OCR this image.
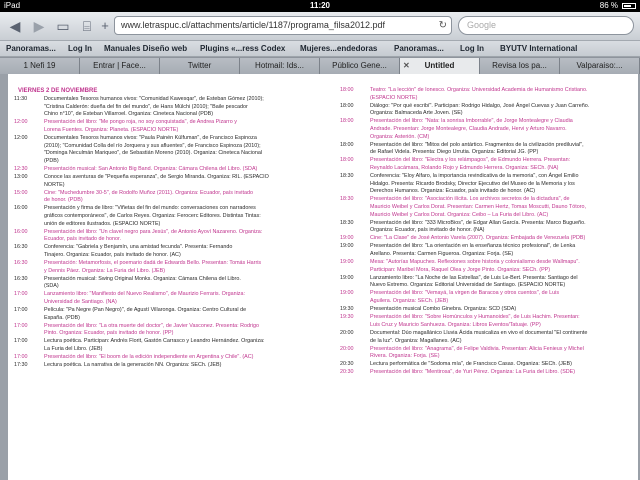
iPad	11:20	86 %
◀ ▶ ▭ ⌸ +	www.letraspuc.cl/attachments/article/1187/programa_filsa2012.pdf	↻	Google
Panoramas... Log In Manuales Diseño web Plugins «...ress Codex Mujeres...endedoras Panoramas... Log In BYUTV International
1 Nefi 19	Entrar | Face...	Twitter	Hotmail: Ids...	Público Gene...	✕ Untitled	Revisa los pa...	Valparaiso:...
VIERNES 2 DE NOVIEMBRE
11:30	Documentales Tesoros humanos vivos: "Comunidad Kawesqar", de Esteban Gómez (2010);
"Cristina Calderón: dueña del fin del mundo", de Hans Mülchi (2010); "Baile pescador
Chino n°10", de Esteban Villarroel. Organiza: Cineteca Nacional (PDB)
12:00	Presentación del libro: "Me pongo roja, no soy conquistada", de Andrea Pizarro y
Lorena Fuentes. Organiza: Planeta. (ESPACIO NORTE)
12:00	Documentales Tesoros humanos vivos: "Paula Painén Külfuman", de Francisco Espinoza
(2010); "Comunidad Colla del río Jorquera y sus afluentes", de Francisco Espinoza (2010);
"Dominga Neculmán Mariqueo", de Sebastián Moreno (2010). Organiza: Cineteca Nacional
(PDB)
12:30	Presentación musical: San Antonio Big Band. Organiza: Cámara Chilena del Libro. (SDA)
13:00	Conoce las aventuras de "Pequeña esperanza", de Sergio Miranda. Organiza: RIL. (ESPACIO
NORTE)
15:00	Cine: "Muchedumbre 30-5", de Rodolfo Muñoz (2011). Organiza: Ecuador, país invitado
de honor. (PDB)
16:00	Presentación y firma de libro: "Viñetas del fin del mundo: conversaciones con narradores
gráficos contemporáneos", de Carlos Reyes. Organiza: Ferocerc Editores. Distintas Tintas:
unión de editores ilustrados. (ESPACIO NORTE)
16:00	Presentación del libro: "Un clavel negro para Jesús", de Antonio Ayoví Nazareno. Organiza:
Ecuador, país invitado de honor.
16:30	Conferencia: "Gabriela y Benjamín, una amistad fecunda". Presenta: Fernando
Tinajero. Organiza: Ecuador, país invitado de honor. (AC)
16:30	Presentación: Metamorfosis, el poemario dadá de Edwards Bello. Presentan: Tomás Harris
y Dennis Páez. Organiza: La Furia del Libro. (JEB)
16:30	Presentación musical: Swing Original Monks. Organiza: Cámara Chilena del Libro.
(SDA)
17:00	Lanzamiento libro: "Manifiesto del Nuevo Realismo", de Maurizio Ferraris. Organiza:
Universidad de Santiago. (NA)
17:00	Película: "Pa Negre (Pan Negro)", de Agustí Villaronga. Organiza: Centro Cultural de
España. (PDB)
17:00	Presentación del libro: "La otra muerte del doctor", de Javier Vasconez. Presenta: Rodrigo
Pinto. Organiza: Ecuador, país invitado de honor. (PP)
17:00	Lectura poética. Participan: Andrés Florit, Gastón Carrasco y Leandro Hernández. Organiza:
La Furia del Libro. (JEB)
17:00	Presentación del libro: "El boom de la edición independiente en Argentina y Chile". (AC)
17:30	Lectura poética. La narrativa de la generación NN. Organiza: SECh. (JEB)
18:00	Teatro: "La lección" de Ionesco. Organiza: Universidad Academia de Humanismo Cristiano.
(ESPACIO NORTE)
18:00	Diálogo: "Por qué escribí". Participan: Rodrigo Hidalgo, José Ángel Cuevas y Juan Carreño.
Organiza: Balmaceda Arte Joven. (SE)
18:00	Presentación del libro: "Nata: la sonrisa Imborrable", de Jorge Montealegre y Claudia
Andrade. Presentan: Jorge Montealegre, Claudia Andrade, Hervi y Arturo Navarro.
Organiza: Asterión. (CM)
18:00	Presentación del libro: "Mitos del polo antártico. Fragmentos de la civilización prediluvial",
de Rafael Videla. Presenta: Diego Urrutia. Organiza: Editorial JG. (PP)
18:00	Presentación del libro: "Electra y los relámpagos", de Edmundo Herrera. Presentan:
Reynaldo Lacámara, Rolando Rojo y Edmundo Herrera. Organiza: SECh. (NA)
18:30	Conferencia: "Eloy Alfaro, la importancia revindicativa de la memoria", con Ángel Emilio
Hidalgo. Presenta: Ricardo Brodsky, Director Ejecutivo del Museo de la Memoria y los
Derechos Humanos. Organiza: Ecuador, país invitado de honor. (AC)
18:30	Presentación del libro: "Asociación ilícita. Los archivos secretos de la dictadura", de
Mauricio Weibel y Carlos Dorat. Presentan: Carmen Hertz, Tomas Moscutti, Dauno Tótoro,
Mauricio Weibel y Carlos Dorat. Organiza: Ceibo – La Furia del Libro. (AC)
18:30	Presentación del libro: "333 MicroBios", de Edgar Allan García. Presenta: Marco Bugueño.
Organiza: Ecuador, país invitado de honor. (NA)
19:00	Cine: "La Clase" de José Antonio Varela (2007). Organiza: Embajada de Venezuela (PDB)
19:00	Presentación del libro: "La orientación en la enseñanza técnico profesional", de Lenka
Arellano. Presenta: Carmen Figueroa. Organiza: Forja. (SE)
19:00	Mesa: "Autorías Mapuches. Reflexiones sobre historia y colonialismo desde Wallmapu".
Participan: Maribel Mora, Raquel Olea y Jorge Pinto. Organiza: SECh. (PP)
19:00	Lanzamiento libro: "La Noche de las Estrellas", de Luis Le-Bert. Presenta: Santiago del
Nuevo Extremo. Organiza: Editorial Universidad de Santiago. (ESPACIO NORTE)
19:00	Presentación del libro: "Vemayá, la virgen de Baracoa y otros cuentos", de Luis
Aguilera. Organiza: SECh. (JEB)
19:30	Presentación musical Combo Ginebra. Organiza: SCD (SDA)
19:30	Presentación del libro: "Sobre Homúnculos y Humanoides", de Luis Hachim. Presentan:
Luis Cruz y Mauricio Sanhueza. Organiza: Libros Eventos/Tatuaje. (PP)
20:00	Documental: Dúo magallánico Lluvia Ácida musicaliza en vivo el documental "El continente
de la luz". Organiza: Magallanes. (AC)
20:00	Presentación del libro: "Anagrama", de Felipe Valdivia. Presentan: Alicia Fenieux y Michel
Rivera. Organiza: Forja. (SE)
20:30	Lectura performática de "Sodoma mía", de Francisco Casas. Organiza: SECh. (JEB)
20:30	Presentación del libro: "Mentirosa", de Yuri Pérez. Organiza: La Furia del Libro. (SDE)
